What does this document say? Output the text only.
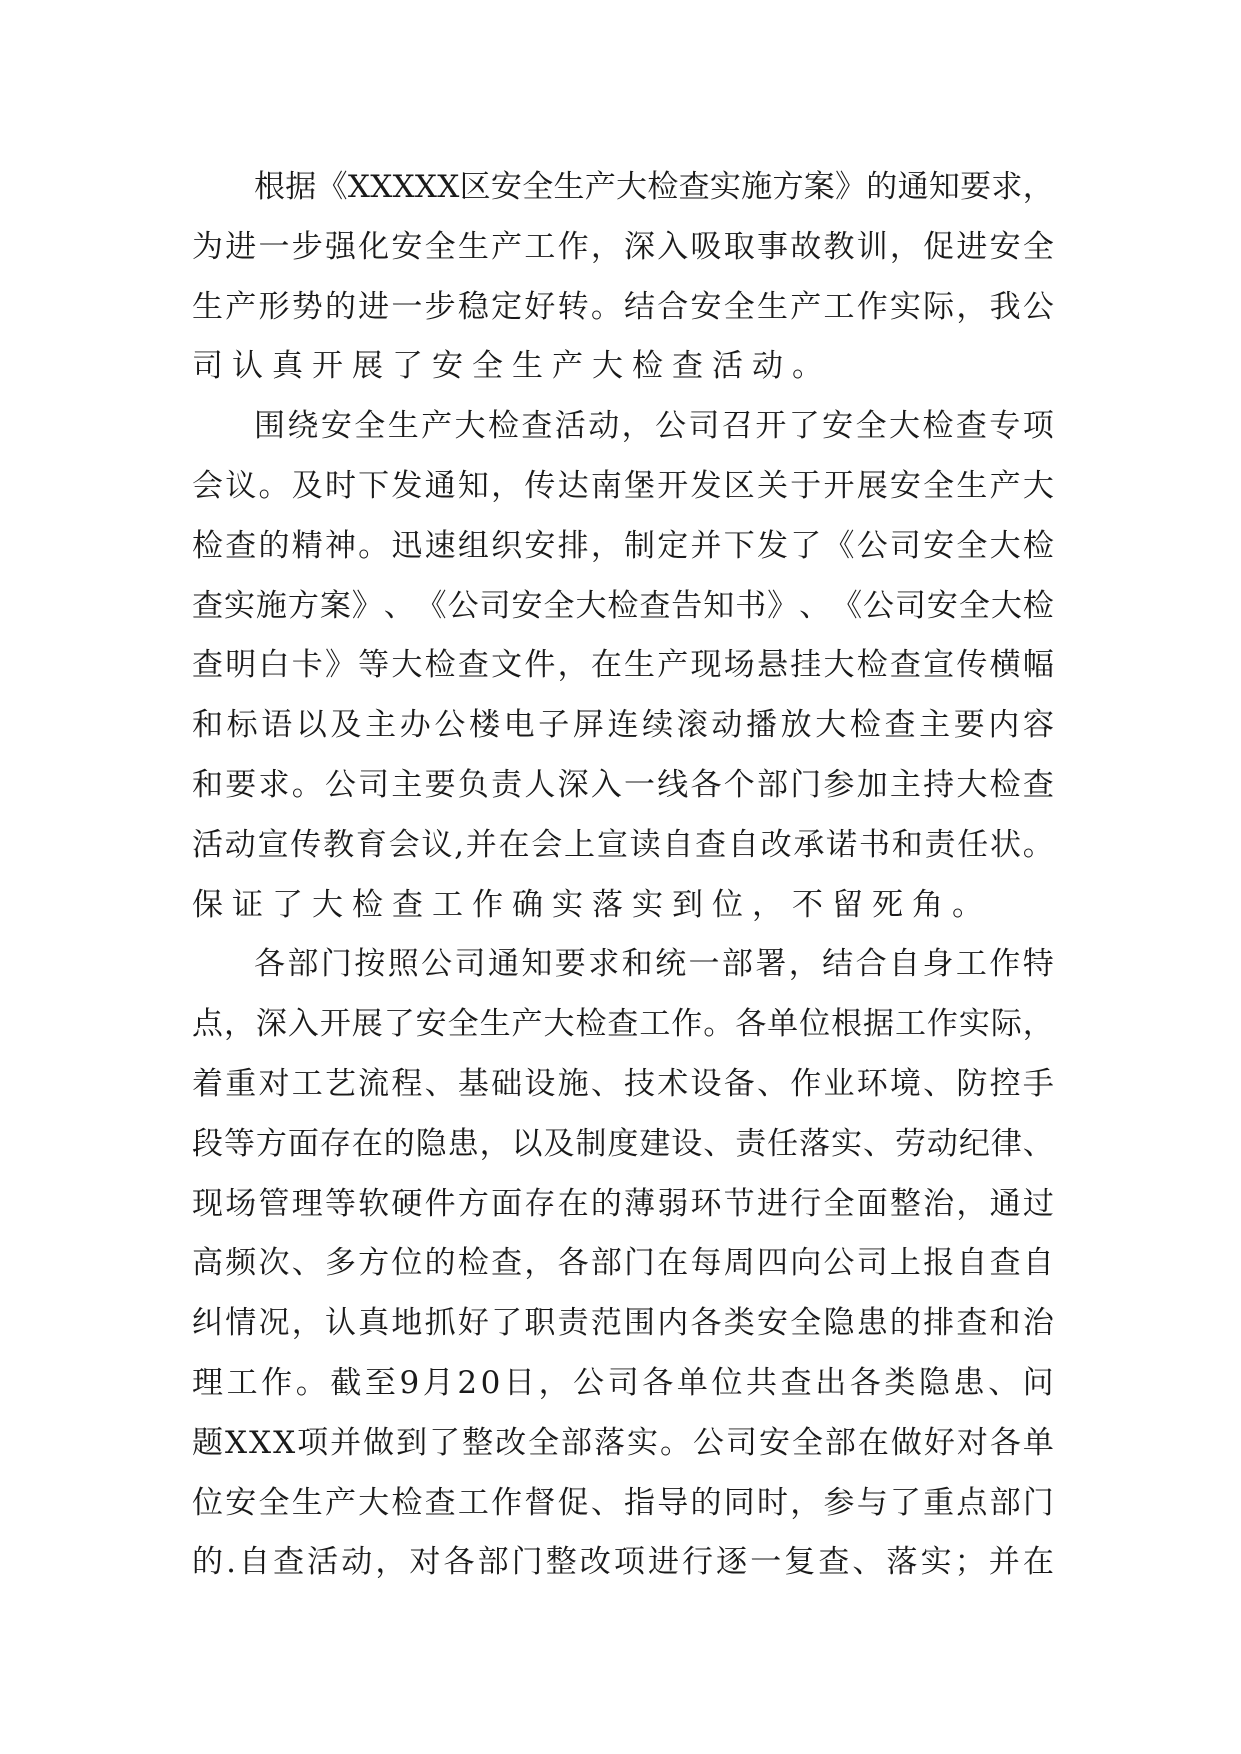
根 据 《 X X X X X 区 安 全 生 产 大 检 查 实 施 方 案 》 的 通 知 要 求 ，
为 进 一 步 强 化 安 全 生 产 工 作 ， 深 入 吸 取 事 故 教 训 ， 促 进 安 全
生 产 形 势 的 进 一 步 稳 定 好 转 。 结 合 安 全 生 产 工 作 实 际 ， 我 公
司认真开展了安全生产大检查活动。
围 绕 安 全 生 产 大 检 查 活 动 ， 公 司 召 开 了 安 全 大 检 查 专 项
会 议 。 及 时 下 发 通 知 ， 传 达 南 堡 开 发 区 关 于 开 展 安 全 生 产 大
检 查 的 精 神 。 迅 速 组 织 安 排 ， 制 定 并 下 发 了 《 公 司 安 全 大 检
查 实 施 方 案 》 、 《 公 司 安 全 大 检 查 告 知 书 》 、 《 公 司 安 全 大 检
查 明 白 卡 》 等 大 检 查 文 件 ， 在 生 产 现 场 悬 挂 大 检 查 宣 传 横 幅
和 标 语 以 及 主 办 公 楼 电 子 屏 连 续 滚 动 播 放 大 检 查 主 要 内 容
和 要 求 。 公 司 主 要 负 责 人 深 入 一 线 各 个 部 门 参 加 主 持 大 检 查
活 动 宣 传 教 育 会 议 , 并 在 会 上 宣 读 自 查 自 改 承 诺 书 和 责 任 状 。
保证了大检查工作确实落实到位，不留死角。
各 部 门 按 照 公 司 通 知 要 求 和 统 一 部 署 ， 结 合 自 身 工 作 特
点 ， 深 入 开 展 了 安 全 生 产 大 检 查 工 作 。 各 单 位 根 据 工 作 实 际 ，
着 重 对 工 艺 流 程 、 基 础 设 施 、 技 术 设 备 、 作 业 环 境 、 防 控 手
段 等 方 面 存 在 的 隐 患 ， 以 及 制 度 建 设 、 责 任 落 实 、 劳 动 纪 律 、
现 场 管 理 等 软 硬 件 方 面 存 在 的 薄 弱 环 节 进 行 全 面 整 治 ， 通 过
高 频 次 、 多 方 位 的 检 查 ， 各 部 门 在 每 周 四 向 公 司 上 报 自 查 自
纠 情 况 ， 认 真 地 抓 好 了 职 责 范 围 内 各 类 安 全 隐 患 的 排 查 和 治
理 工 作 。 截 至 9 月 2 0 日 ， 公 司 各 单 位 共 查 出 各 类 隐 患 、 问
题 X X X 项 并 做 到 了 整 改 全 部 落 实 。 公 司 安 全 部 在 做 好 对 各 单
位 安 全 生 产 大 检 查 工 作 督 促 、 指 导 的 同 时 ， 参 与 了 重 点 部 门
的 . 自 查 活 动 ， 对 各 部 门 整 改 项 进 行 逐 一 复 查 、 落 实 ； 并 在
